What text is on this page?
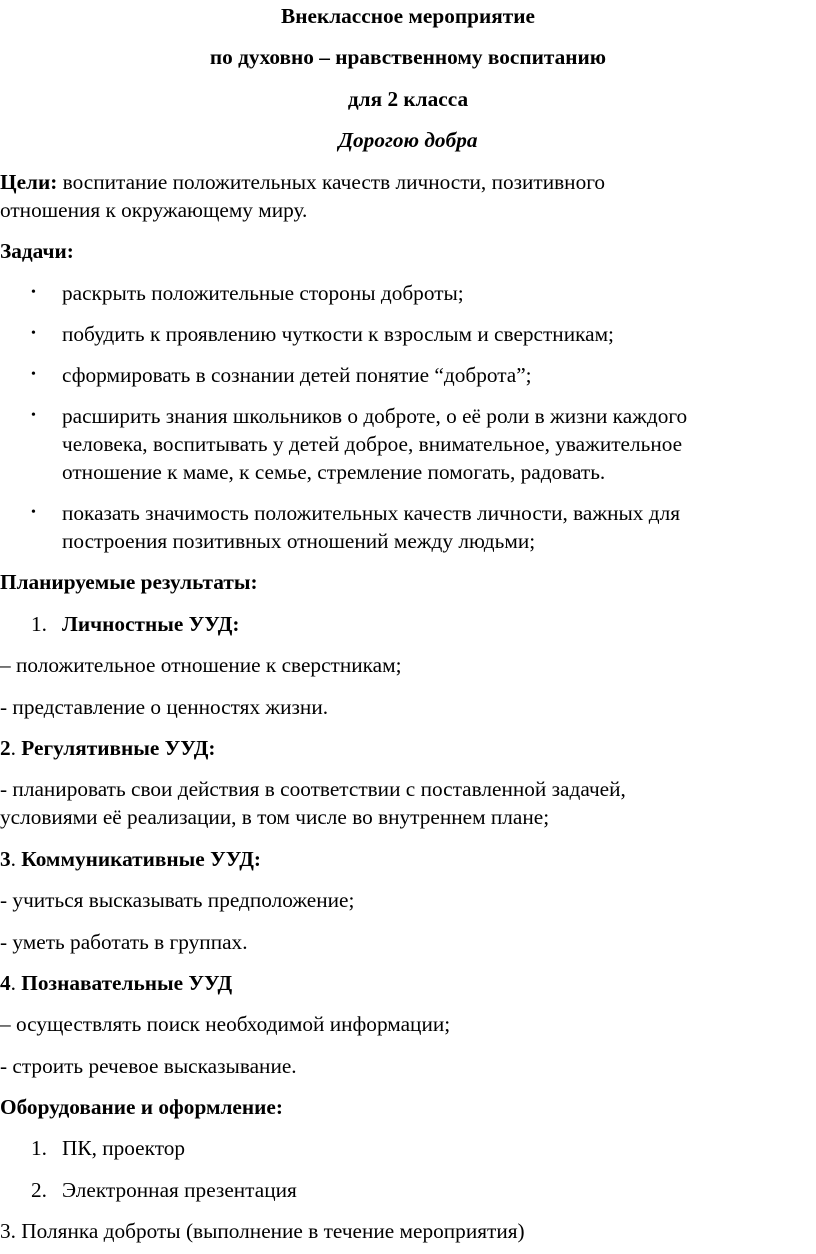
Внеклассное мероприятие
по духовно – нравственному воспитанию
для 2 класса
Дорогою добра
Цели: воспитание положительных качеств личности, позитивного
отношения к окружающему миру.
Задачи:
• раскрыть положительные стороны доброты;
• побудить к проявлению чуткости к взрослым и сверстникам;
• сформировать в сознании детей понятие “доброта”;
• расширить знания школьников о доброте, о её роли в жизни каждого
человека, воспитывать у детей доброе, внимательное, уважительное
отношение к маме, к семье, стремление помогать, радовать.
• показать значимость положительных качеств личности, важных для
построения позитивных отношений между людьми;
Планируемые результаты:
1. Личностные УУД:
– положительное отношение к сверстникам;
- представление о ценностях жизни.
2. Регулятивные УУД:
- планировать свои действия в соответствии с поставленной задачей,
условиями её реализации, в том числе во внутреннем плане;
3. Коммуникативные УУД:
- учиться высказывать предположение;
- уметь работать в группах.
4. Познавательные УУД
– осуществлять поиск необходимой информации;
- строить речевое высказывание.
Оборудование и оформление:
1. ПК, проектор
2. Электронная презентация
3. Полянка доброты (выполнение в течение мероприятия)
